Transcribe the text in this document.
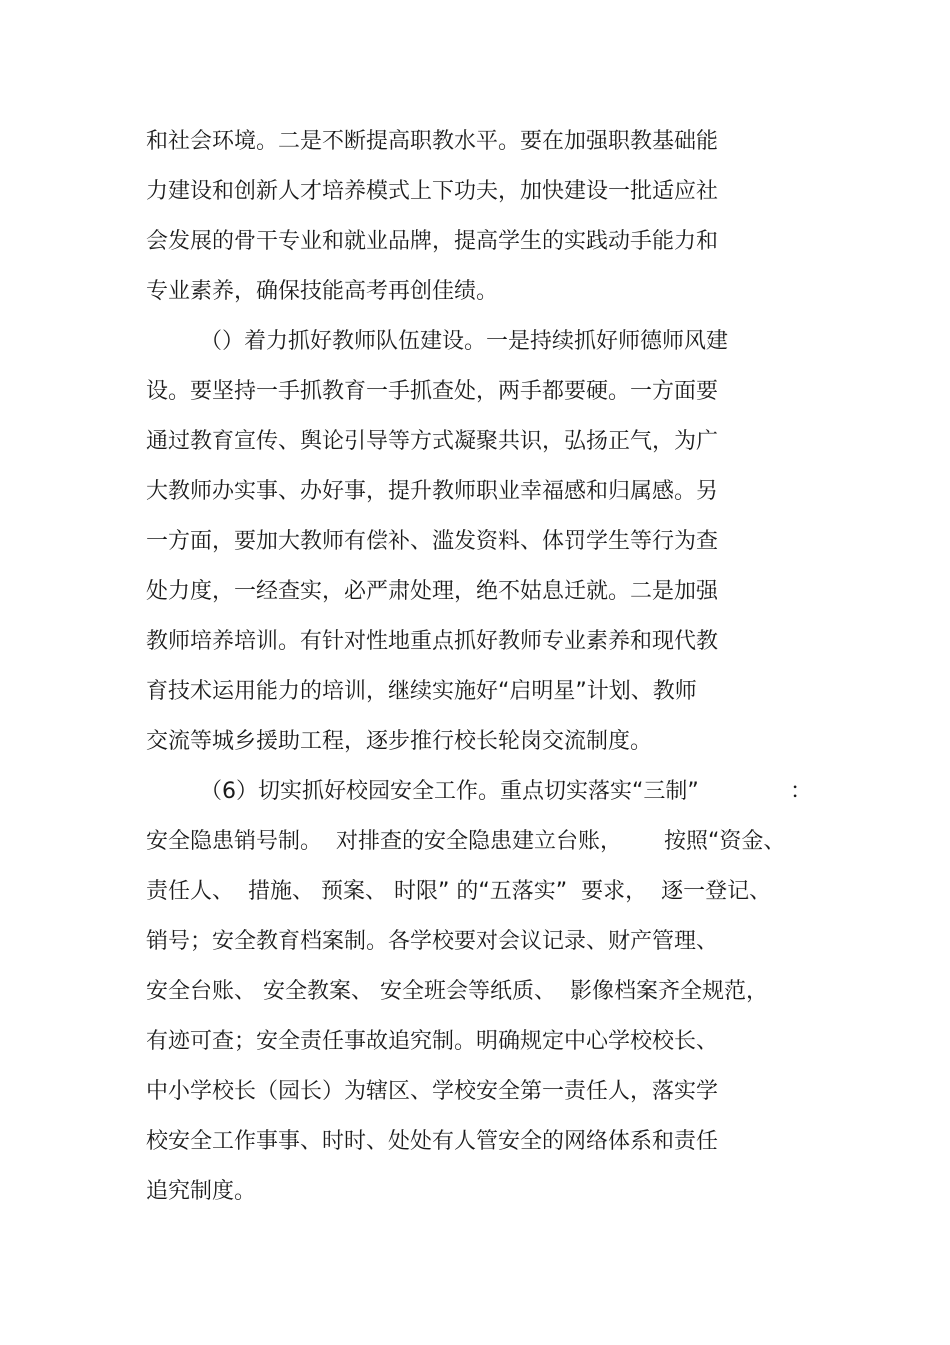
和社会环境。二是不断提高职教水平。要在加强职教基础能
力建设和创新人才培养模式上下功夫，加快建设一批适应社
会发展的骨干专业和就业品牌，提高学生的实践动手能力和
专业素养，确保技能高考再创佳绩。
（）着力抓好教师队伍建设。一是持续抓好师德师风建
设。要坚持一手抓教育一手抓查处，两手都要硬。一方面要
通过教育宣传、舆论引导等方式凝聚共识，弘扬正气，为广
大教师办实事、办好事，提升教师职业幸福感和归属感。另
一方面，要加大教师有偿补、滥发资料、体罚学生等行为查
处力度，一经查实，必严肃处理，绝不姑息迁就。二是加强
教师培养培训。有针对性地重点抓好教师专业素养和现代教
育技术运用能力的培训，继续实施好“启明星”计划、教师
交流等城乡援助工程，逐步推行校长轮岗交流制度。
（6）切实抓好校园安全工作。重点切实落实“三制”	：
安全隐患销号制。  对排查的安全隐患建立台账，      按照“资金、
责任人、  措施、 预案、 时限” 的“五落实”  要求，  逐一登记、
销号；安全教育档案制。各学校要对会议记录、财产管理、
安全台账、 安全教案、 安全班会等纸质、  影像档案齐全规范，
有迹可查；安全责任事故追究制。明确规定中心学校校长、
中小学校长（园长）为辖区、学校安全第一责任人，落实学
校安全工作事事、时时、处处有人管安全的网络体系和责任
追究制度。
